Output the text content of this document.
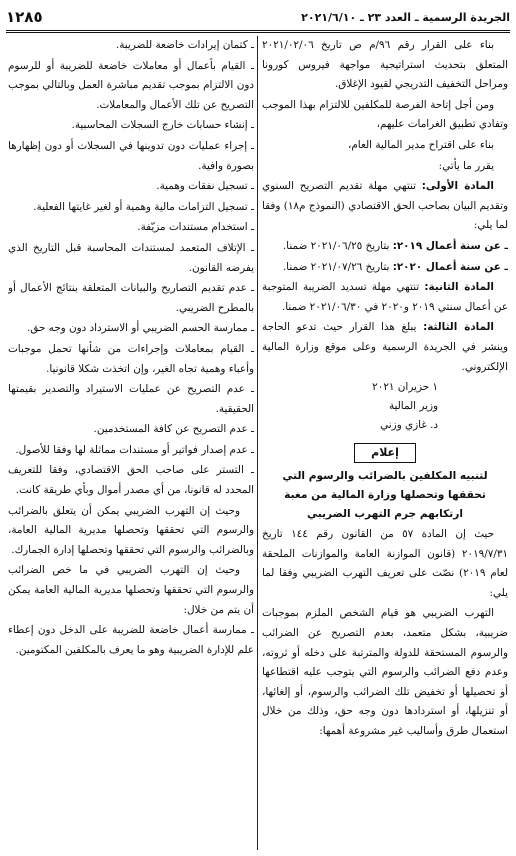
الجريدة الرسمية ـ العدد ٢٣ ـ ٢٠٢١/٦/١٠
١٢٨٥

بناء على القرار رقم ٩٦/م ص تاريخ ٢٠٢١/٠٢/٠٦ المتعلق بتحديث استراتيجية مواجهة فيروس كورونا ومراحل التخفيف التدريجي لقيود الإغلاق.

ومن أجل إتاحة الفرصة للمكلفين للالتزام بهذا الموجب وتفادي تطبيق الغرامات عليهم،

بناء على اقتراح مدير المالية العام،

يقرر ما يأتي:

المادة الأولى: تنتهي مهلة تقديم التصريح السنوي وتقديم البيان بصاحب الحق الاقتصادي (النموذج م١٨) وفقا لما يلي:

ـ عن سنة أعمال ٢٠١٩: بتاريخ ٢٠٢١/٠٦/٢٥ ضمنا.

ـ عن سنة أعمال ٢٠٢٠: بتاريخ ٢٠٢١/٠٧/٢٦ ضمنا.

المادة الثانية: تنتهي مهلة تسديد الضريبة المتوجبة عن أعمال سنتي ٢٠١٩ و٢٠٢٠ في ٢٠٢١/٠٦/٣٠ ضمنا.

المادة الثالثة: يبلغ هذا القرار حيث تدعو الحاجة وينشر في الجريدة الرسمية وعلى موقع وزارة المالية الإلكتروني.

١ حزيران ٢٠٢١
وزير المالية
د. غازي وزني
إعلام

لتنبيه المكلفين بالضرائب والرسوم التي تحققها وتحصلها وزارة المالية من مغبة ارتكابهم جرم التهرب الضريبي

حيث إن المادة ٥٧ من القانون رقم ١٤٤ تاريخ ٢٠١٩/٧/٣١ (قانون الموازنة العامة والموازنات الملحقة لعام ٢٠١٩) نصّت على تعريف التهرب الضريبي وفقا لما يلي:

التهرب الضريبي هو قيام الشخص الملزم بموجبات ضريبية، بشكل متعمد، بعدم التصريح عن الضرائب والرسوم المستحقة للدولة والمترتبة على دخله أو ثروته، وعدم دفع الضرائب والرسوم التي يتوجب عليه اقتطاعها أو تحصيلها أو تخفيض تلك الضرائب والرسوم، أو إلغائها، أو تنزيلها، أو استردادها دون وجه حق، وذلك من خلال استعمال طرق وأساليب غير مشروعة أهمها:

ـ كتمان إيرادات خاضعة للضريبة.

ـ القيام بأعمال أو معاملات خاضعة للضريبة أو للرسوم دون الالتزام بموجب تقديم مباشرة العمل وبالتالي بموجب التصريح عن تلك الأعمال والمعاملات.

ـ إنشاء حسابات خارج السجلات المحاسبية.

ـ إجراء عمليات دون تدوينها في السجلات أو دون إظهارها بصورة وافية.

ـ تسجيل نفقات وهمية.

ـ تسجيل التزامات مالية وهمية أو لغير غايتها الفعلية.

ـ استخدام مستندات مزيّفة.

ـ الإتلاف المتعمد لمستندات المحاسبة قبل التاريخ الذي يفرضه القانون.

ـ عدم تقديم التصاريح والبيانات المتعلقة بنتائج الأعمال أو بالمطرح الضريبي.

ـ ممارسة الحسم الضريبي أو الاسترداد دون وجه حق.

ـ القيام بمعاملات وإجراءات من شأنها تحمل موجبات وأعباء وهمية تجاه الغير، وإن اتخذت شكلا قانونيا.

ـ عدم التصريح عن عمليات الاستيراد والتصدير بقيمتها الحقيقية.

ـ عدم التصريح عن كافة المستخدمين.

ـ عدم إصدار فواتير أو مستندات مماثلة لها وفقا للأصول.

ـ التستر على صاحب الحق الاقتصادي، وفقا للتعريف المحدد له قانونا، من أي مصدر أموال وبأي طريقة كانت.

وحيث إن التهرب الضريبي يمكن أن يتعلق بالضرائب والرسوم التي تحققها وتحصلها مديرية المالية العامة، وبالضرائب والرسوم التي تحققها وتحصلها إدارة الجمارك.

وحيث إن التهرب الضريبي في ما خص الضرائب والرسوم التي تحققها وتحصلها مديرية المالية العامة يمكن أن يتم من خلال:

ـ ممارسة أعمال خاضعة للضريبة على الدخل دون إعطاء علم للإدارة الضريبية وهو ما يعرف بالمكلفين المكتومين.
